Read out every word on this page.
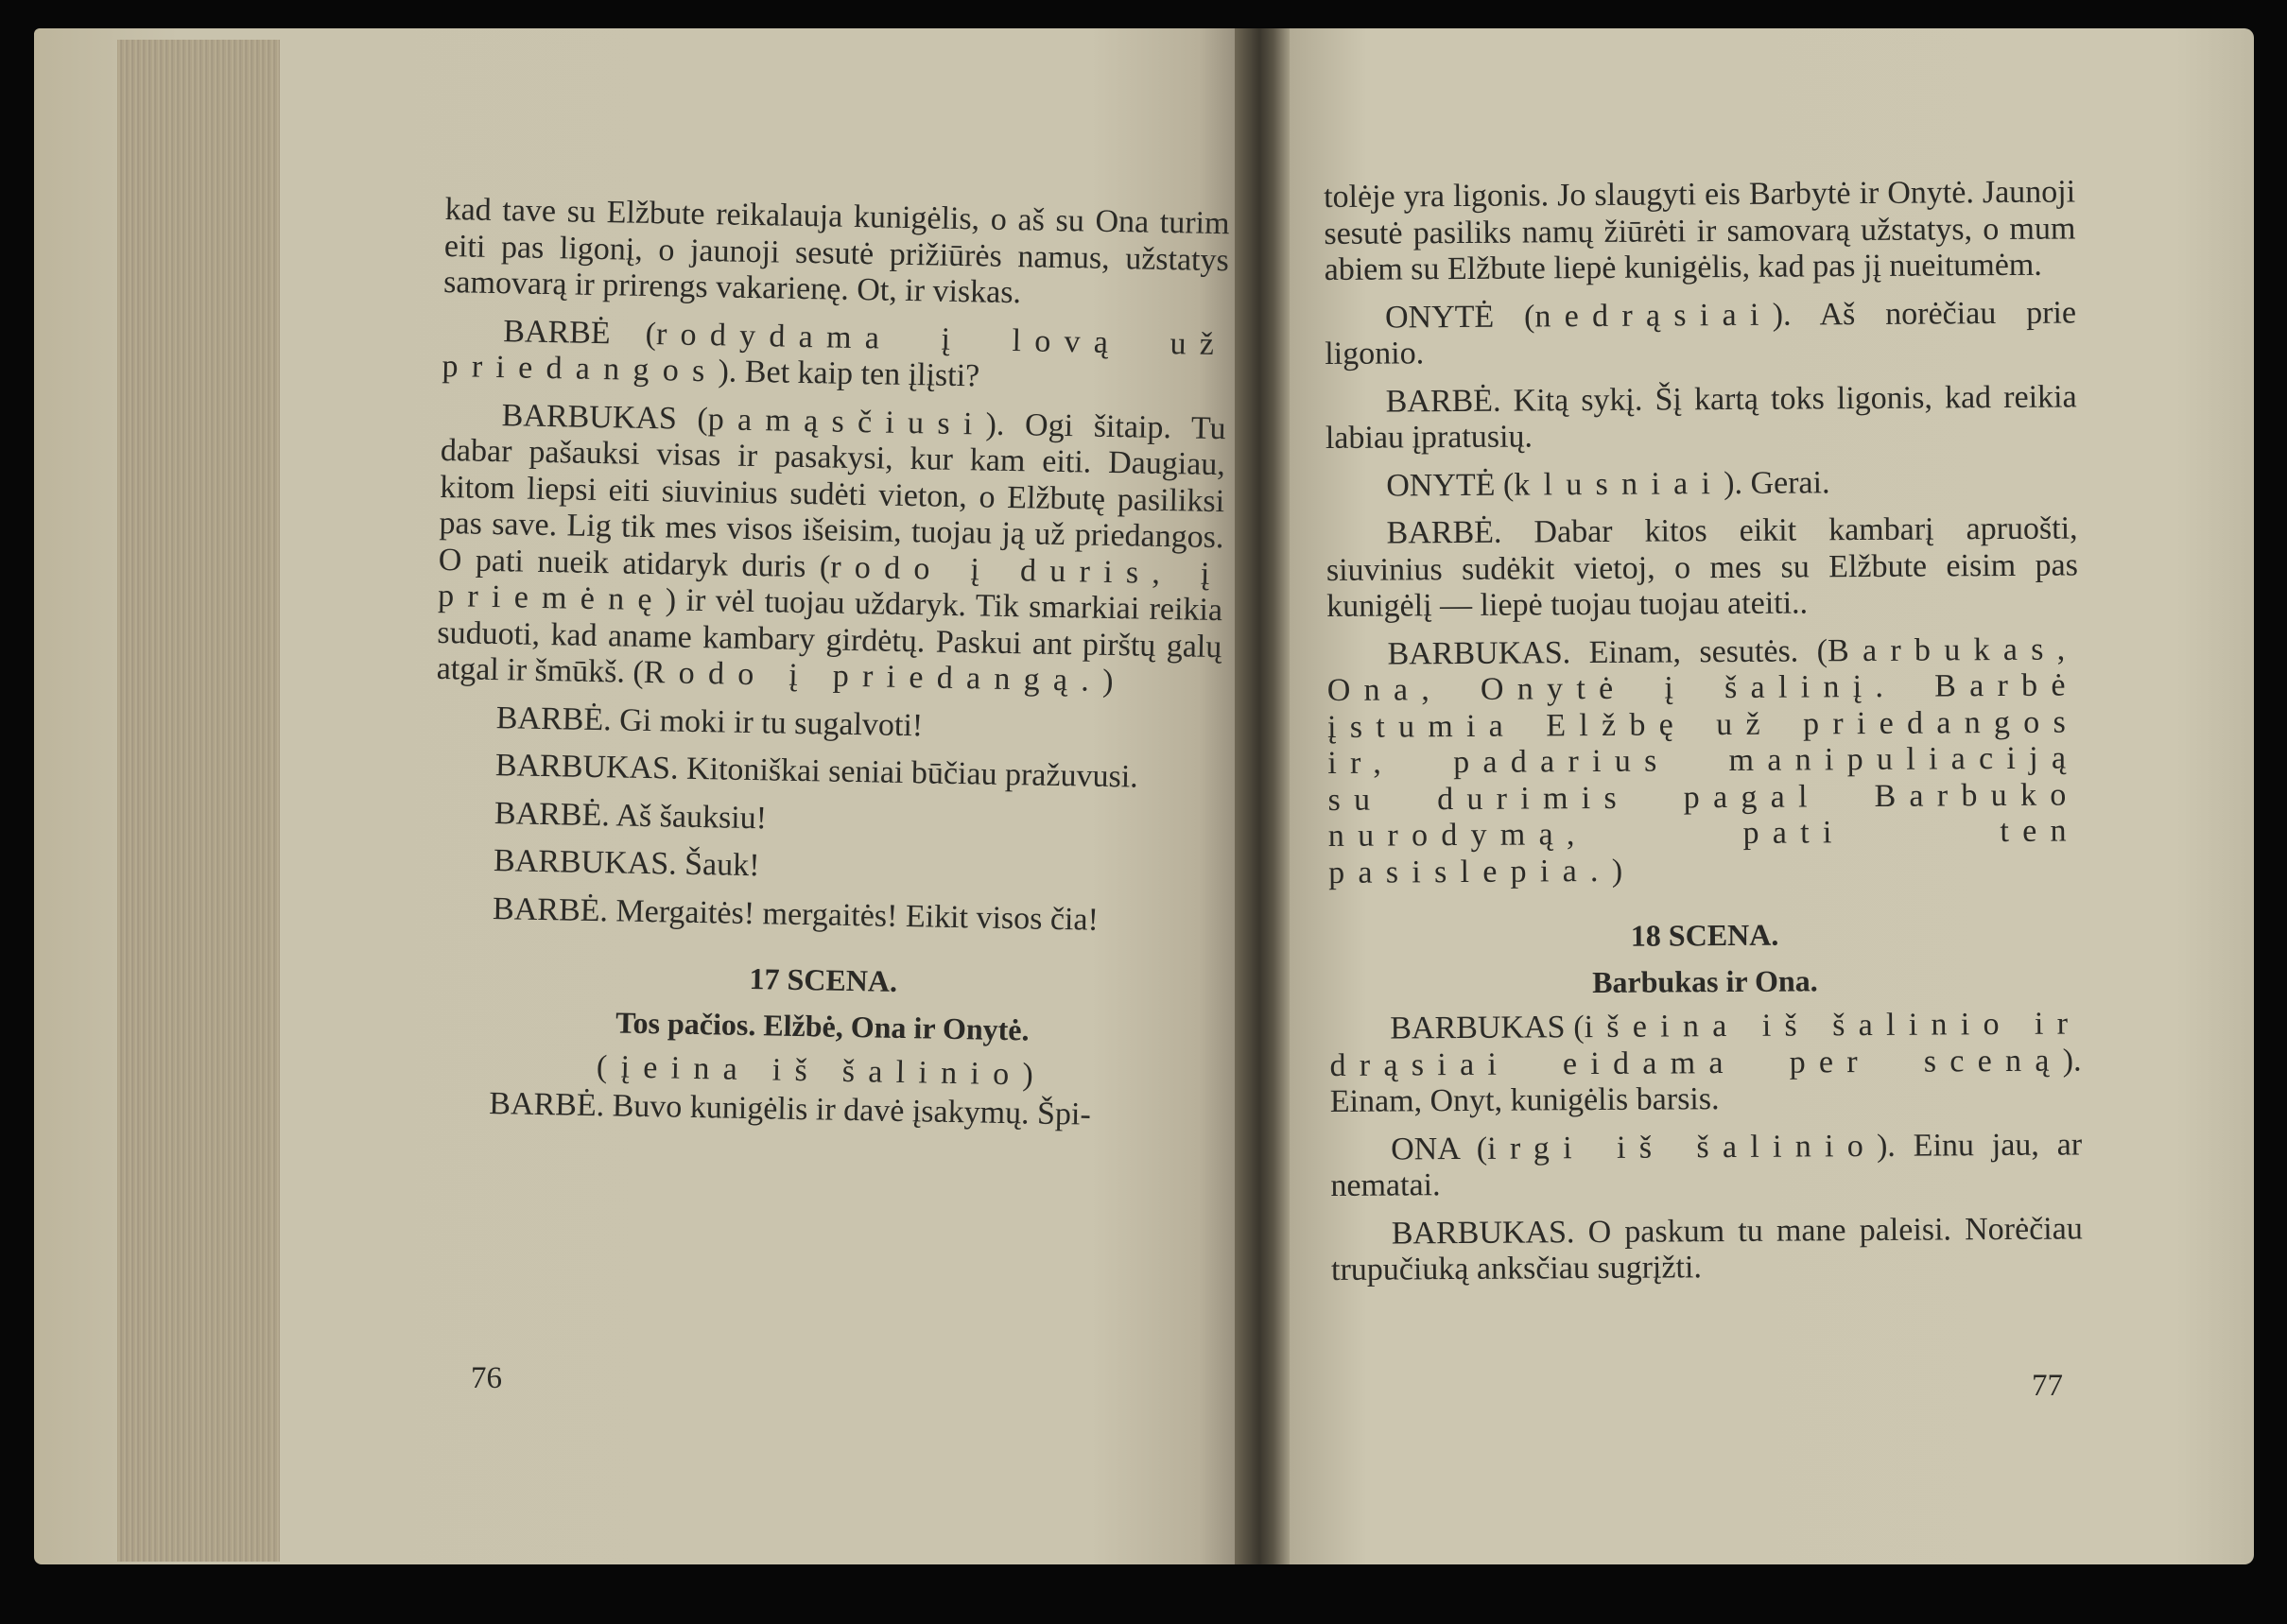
kad tave su Elžbute reikalauja kunigėlis, o aš su Ona turim eiti pas ligonį, o jaunoji sesutė prižiūrės namus, užstatys samovarą ir prirengs vakarienę. Ot, ir viskas.
BARBĖ (rodydama į lovą už priedangos). Bet kaip ten įlįsti?
BARBUKAS (pamąsčiusi). Ogi šitaip. Tu dabar pašauksi visas ir pasakysi, kur kam eiti. Daugiau, kitom liepsi eiti siuvinius sudėti vieton, o Elžbutę pasiliksi pas save. Lig tik mes visos išeisim, tuojau ją už priedangos. O pati nueik atidaryk duris (rodo į duris, į priemėnę) ir vėl tuojau uždaryk. Tik smarkiai reikia suduoti, kad aname kambary girdėtų. Paskui ant pirštų galų atgal ir šmūkš. (Rodo į priedangą.)
BARBĖ. Gi moki ir tu sugalvoti!
BARBUKAS. Kitoniškai seniai būčiau pražuvusi.
BARBĖ. Aš šauksiu!
BARBUKAS. Šauk!
BARBĖ. Mergaitės! mergaitės! Eikit visos čia!
17 SCENA.
Tos pačios. Elžbė, Ona ir Onytė.
(įeina iš šalinio)
BARBĖ. Buvo kunigėlis ir davė įsakymų. Špi-
76
tolėje yra ligonis. Jo slaugyti eis Barbytė ir Onytė. Jaunoji sesutė pasiliks namų žiūrėti ir samovarą užstatys, o mum abiem su Elžbute liepė kunigėlis, kad pas jį nueitumėm.
ONYTĖ (nedrąsiai). Aš norėčiau prie ligonio.
BARBĖ. Kitą sykį. Šį kartą toks ligonis, kad reikia labiau įpratusių.
ONYTĖ (klusniai). Gerai.
BARBĖ. Dabar kitos eikit kambarį apruošti, siuvinius sudėkit vietoj, o mes su Elžbute eisim pas kunigėlį — liepė tuojau tuojau ateiti..
BARBUKAS. Einam, sesutės. (Barbukas, Ona, Onytė į šalinį. Barbė įstumia Elžbę už priedangos ir, padarius manipuliaciją su durimis pagal Barbuko nurodymą, pati ten pasislepia.)
18 SCENA.
Barbukas ir Ona.
BARBUKAS (išeina iš šalinio ir drąsiai eidama per sceną). Einam, Onyt, kunigėlis barsis.
ONA (irgi iš šalinio). Einu jau, ar nematai.
BARBUKAS. O paskum tu mane paleisi. Norėčiau trupučiuką anksčiau sugrįžti.
77
